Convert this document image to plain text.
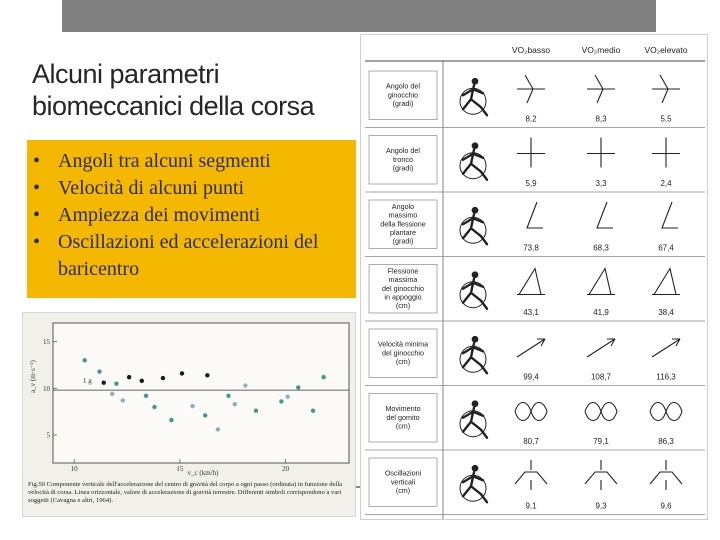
Alcuni parametri
biomeccanici della corsa
• Angoli tra alcuni segmenti
• Velocità di alcuni punti
• Ampiezza dei movimenti
• Oscillazioni ed accelerazioni del baricentro
a_v (m·s⁻²)
v_c (km/h)
1 g
15
10
5
10	15	20
Fig.50 Componente verticale dell'accelerazione del centro di gravità del corpo a ogni passo (ordinata) in funzione della velocità di corsa. Linea orizzontale, valore di accelerazione di gravità terrestre. Differenti simboli corrispondono a vari soggetti (Cavagna e altri, 1964).
VO₂basso	VO₂medio	VO₂elevato
Angolo del
ginocchio
(gradi)
8,2	8,3	5,5
Angolo del
tronco
(gradi)
5,9	3,3	2,4
Angolo
massimo
della flessione
plantare
(gradi)
73,8	68,3	67,4
Flessione
massima
del ginocchio
in appoggio
(cm)
43,1	41,9	38,4
Velocità minima
del ginocchio
(cm)
99,4	108,7	116,3
Movimento
del gomito
(cm)
80,7	79,1	86,3
Oscillazioni
verticali
(cm)
9,1	9,3	9,6
